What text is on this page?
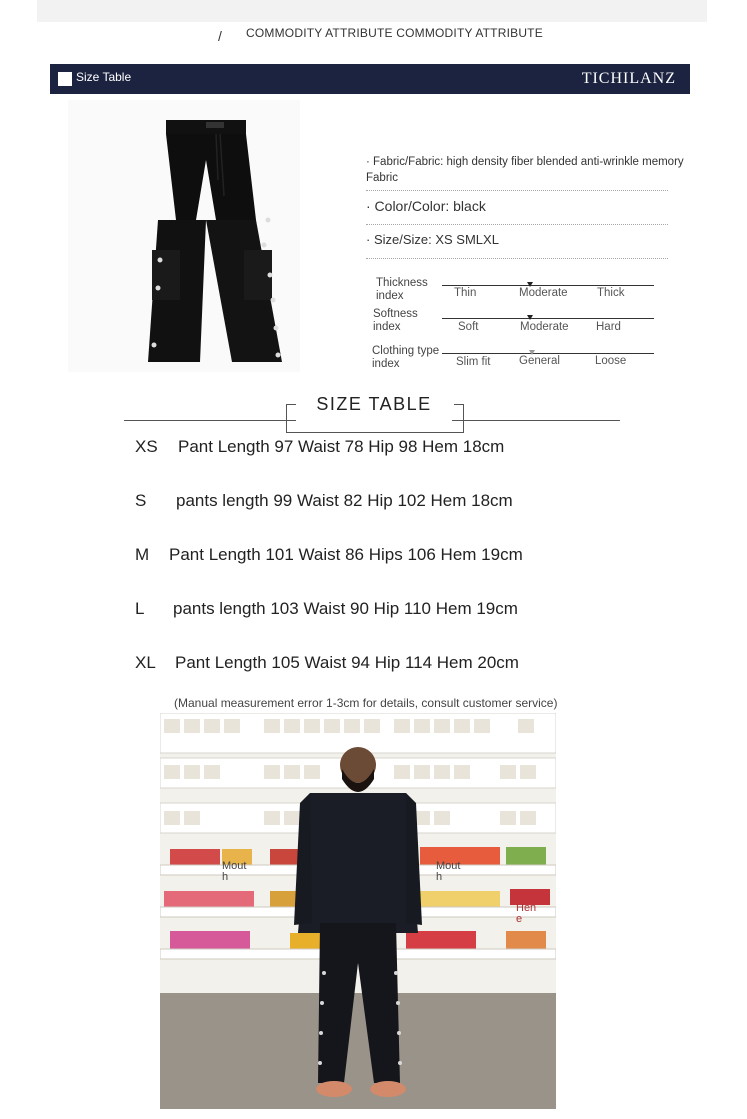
/ COMMODITY ATTRIBUTE COMMODITY ATTRIBUTE
Size Table	TICHILANZ
· Fabric/Fabric: high density fiber blended anti-wrinkle memory Fabric
· Color/Color: black
· Size/Size: XS SMLXL
Thickness
index	Thin	Moderate	Thick
Softness
index	Soft	Moderate Hard
Clothing type
index	Slim fit General	Loose
SIZE TABLE
XS Pant Length 97 Waist 78 Hip 98 Hem 18cm
S pants length 99 Waist 82 Hip 102 Hem 18cm
M Pant Length 101 Waist 86 Hips 106 Hem 19cm
L pants length 103 Waist 90 Hip 110 Hem 19cm
XL Pant Length 105 Waist 94 Hip 114 Hem 20cm
(Manual measurement error 1-3cm for details, consult customer service)
Mout h
Mout h
Hen e
